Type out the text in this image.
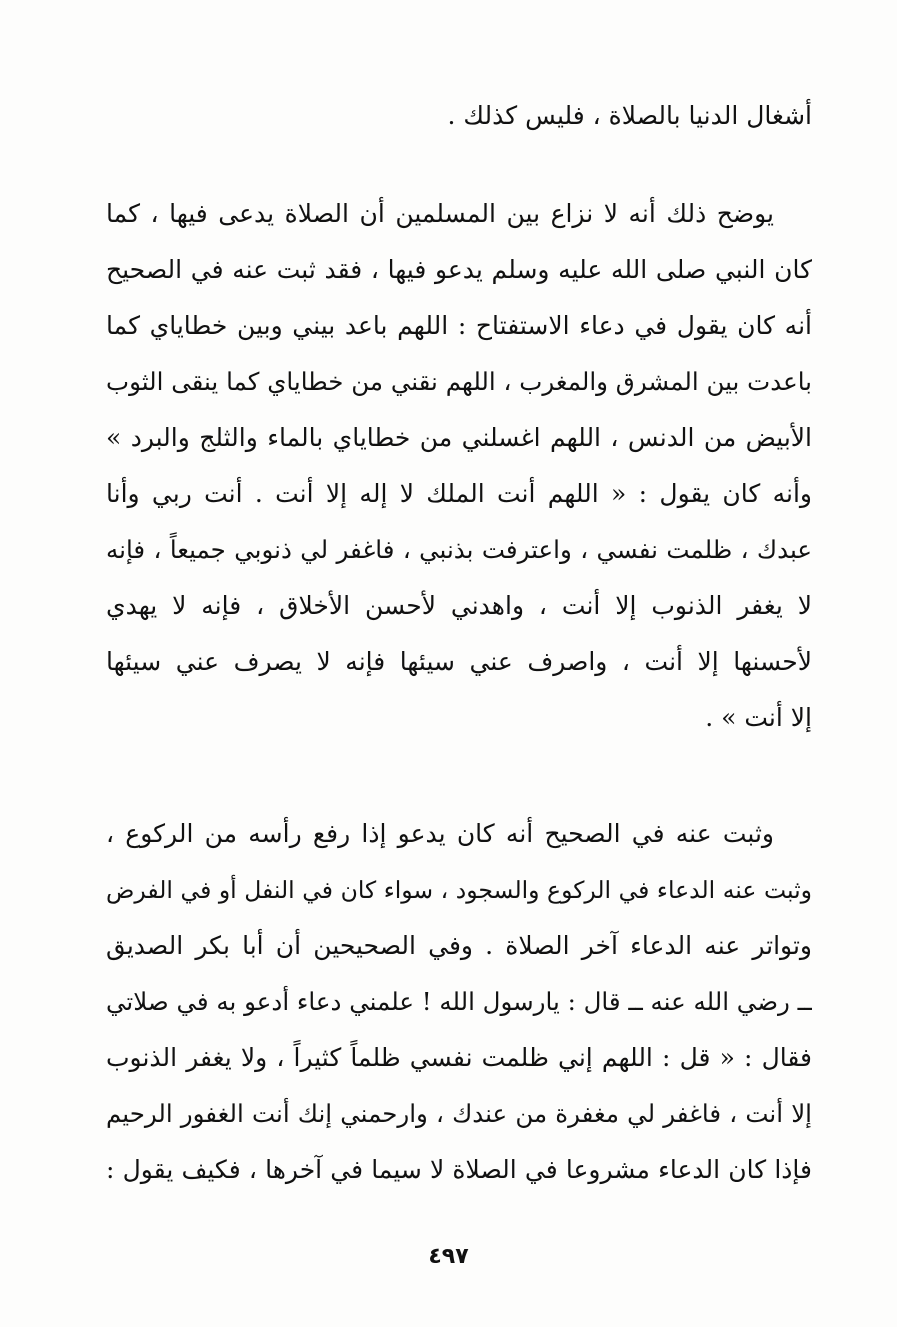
أشغال الدنيا بالصلاة ، فليس كذلك .
يوضح ذلك أنه لا نزاع بين المسلمين أن الصلاة يدعى فيها ، كما
كان النبي صلى الله عليه وسلم يدعو فيها ، فقد ثبت عنه في الصحيح
أنه كان يقول في دعاء الاستفتاح : اللهم باعد بيني وبين خطاياي كما
باعدت بين المشرق والمغرب ، اللهم نقني من خطاياي كما ينقى الثوب
الأبيض من الدنس ، اللهم اغسلني من خطاياي بالماء والثلج والبرد »
وأنه كان يقول : « اللهم أنت الملك لا إله إلا أنت . أنت ربي وأنا
عبدك ، ظلمت نفسي ، واعترفت بذنبي ، فاغفر لي ذنوبي جميعاً ، فإنه
لا يغفر الذنوب إلا أنت ، واهدني لأحسن الأخلاق ، فإنه لا يهدي
لأحسنها إلا أنت ، واصرف عني سيئها فإنه لا يصرف عني سيئها
إلا أنت » .
وثبت عنه في الصحيح أنه كان يدعو إذا رفع رأسه من الركوع ،
وثبت عنه الدعاء في الركوع والسجود ، سواء كان في النفل أو في الفرض
وتواتر عنه الدعاء آخر الصلاة . وفي الصحيحين أن أبا بكر الصديق
ــ رضي الله عنه ــ قال : يارسول الله ! علمني دعاء أدعو به في صلاتي
فقال : « قل : اللهم إني ظلمت نفسي ظلماً كثيراً ، ولا يغفر الذنوب
إلا أنت ، فاغفر لي مغفرة من عندك ، وارحمني إنك أنت الغفور الرحيم
فإذا كان الدعاء مشروعا في الصلاة لا سيما في آخرها ، فكيف يقول :
٤٩٧
